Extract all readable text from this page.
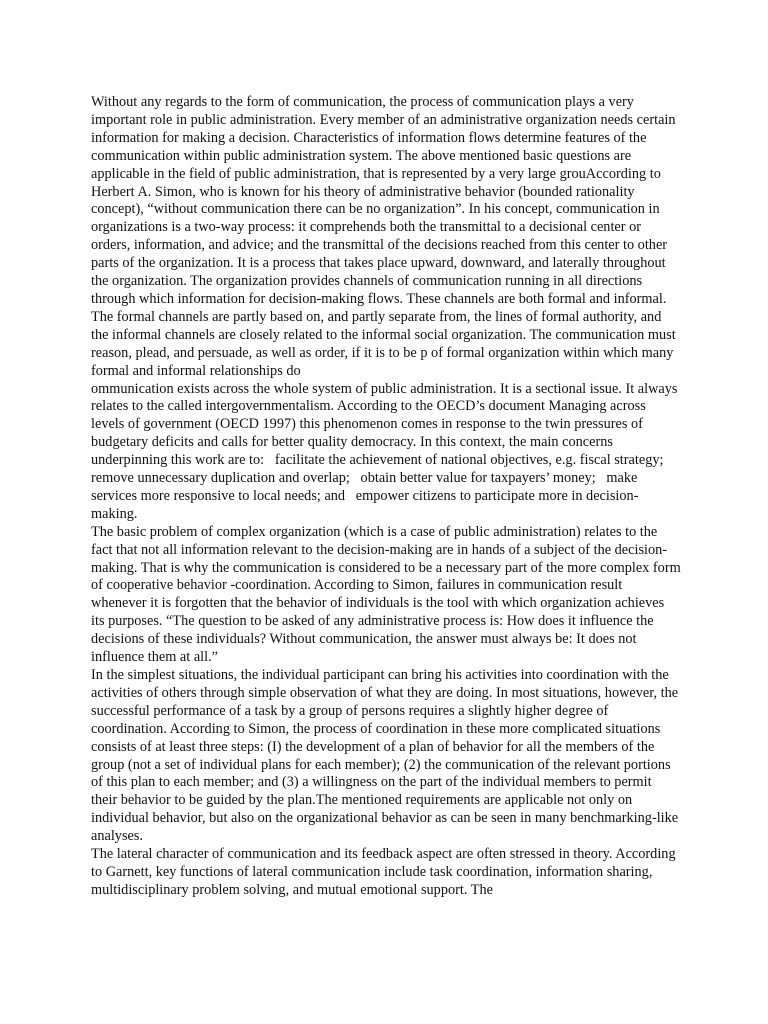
Without any regards to the form of communication, the process of communication plays a very important role in public administration. Every member of an administrative organization needs certain information for making a decision. Characteristics of information flows determine features of the communication within public administration system. The above mentioned basic questions are applicable in the field of public administration, that is represented by a very large grouAccording to Herbert A. Simon, who is known for his theory of administrative behavior (bounded rationality concept), “without communication there can be no organization”. In his concept, communication in organizations is a two-way process: it comprehends both the transmittal to a decisional center or orders, information, and advice; and the transmittal of the decisions reached from this center to other parts of the organization. It is a process that takes place upward, downward, and laterally throughout the organization. The organization provides channels of communication running in all directions through which information for decision-making flows. These channels are both formal and informal. The formal channels are partly based on, and partly separate from, the lines of formal authority, and the informal channels are closely related to the informal social organization. The communication must reason, plead, and persuade, as well as order, if it is to be p of formal organization within which many formal and informal relationships do

ommunication exists across the whole system of public administration. It is a sectional issue. It always relates to the called intergovernmentalism. According to the OECD’s document Managing across levels of government (OECD 1997) this phenomenon comes in response to the twin pressures of budgetary deficits and calls for better quality democracy. In this context, the main concerns underpinning this work are to:   facilitate the achievement of national objectives, e.g. fiscal strategy;   remove unnecessary duplication and overlap;   obtain better value for taxpayers’ money;   make services more responsive to local needs; and   empower citizens to participate more in decision-making.

The basic problem of complex organization (which is a case of public administration) relates to the fact that not all information relevant to the decision-making are in hands of a subject of the decision-making. That is why the communication is considered to be a necessary part of the more complex form of cooperative behavior -coordination. According to Simon, failures in communication result whenever it is forgotten that the behavior of individuals is the tool with which organization achieves its purposes. “The question to be asked of any administrative process is: How does it influence the decisions of these individuals? Without communication, the answer must always be: It does not influence them at all.”

In the simplest situations, the individual participant can bring his activities into coordination with the activities of others through simple observation of what they are doing. In most situations, however, the successful performance of a task by a group of persons requires a slightly higher degree of coordination. According to Simon, the process of coordination in these more complicated situations consists of at least three steps: (I) the development of a plan of behavior for all the members of the group (not a set of individual plans for each member); (2) the communication of the relevant portions of this plan to each member; and (3) a willingness on the part of the individual members to permit their behavior to be guided by the plan.The mentioned requirements are applicable not only on individual behavior, but also on the organizational behavior as can be seen in many benchmarking-like analyses.

The lateral character of communication and its feedback aspect are often stressed in theory. According to Garnett, key functions of lateral communication include task coordination, information sharing, multidisciplinary problem solving, and mutual emotional support. The
